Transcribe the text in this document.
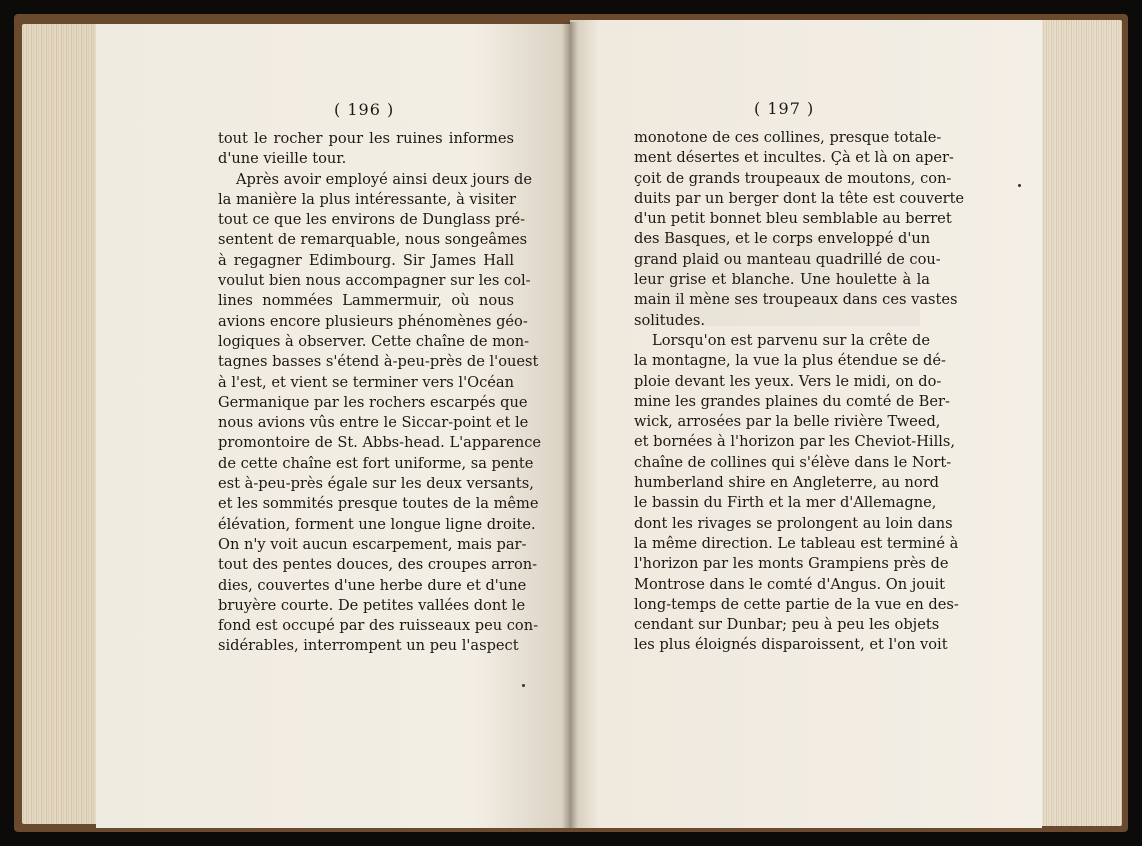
( 196 )	( 197 )
tout le rocher pour les ruines informes
d'une vieille tour.
Après avoir employé ainsi deux jours de
la manière la plus intéressante, à visiter
tout ce que les environs de Dunglass pré-
sentent de remarquable, nous songeâmes
à regagner Edimbourg. Sir James Hall
voulut bien nous accompagner sur les col-
lines nommées Lammermuir, où nous
avions encore plusieurs phénomènes géo-
logiques à observer. Cette chaîne de mon-
tagnes basses s'étend à-peu-près de l'ouest
à l'est, et vient se terminer vers l'Océan
Germanique par les rochers escarpés que
nous avions vûs entre le Siccar-point et le
promontoire de St. Abbs-head. L'apparence
de cette chaîne est fort uniforme, sa pente
est à-peu-près égale sur les deux versants,
et les sommités presque toutes de la même
élévation, forment une longue ligne droite.
On n'y voit aucun escarpement, mais par-
tout des pentes douces, des croupes arron-
dies, couvertes d'une herbe dure et d'une
bruyère courte. De petites vallées dont le
fond est occupé par des ruisseaux peu con-
sidérables, interrompent un peu l'aspect
monotone de ces collines, presque totale-
ment désertes et incultes. Çà et là on aper-
çoit de grands troupeaux de moutons, con-
duits par un berger dont la tête est couverte
d'un petit bonnet bleu semblable au berret
des Basques, et le corps enveloppé d'un
grand plaid ou manteau quadrillé de cou-
leur grise et blanche. Une houlette à la
main il mène ses troupeaux dans ces vastes
solitudes.
Lorsqu'on est parvenu sur la crête de
la montagne, la vue la plus étendue se dé-
ploie devant les yeux. Vers le midi, on do-
mine les grandes plaines du comté de Ber-
wick, arrosées par la belle rivière Tweed,
et bornées à l'horizon par les Cheviot-Hills,
chaîne de collines qui s'élève dans le Nort-
humberland shire en Angleterre, au nord
le bassin du Firth et la mer d'Allemagne,
dont les rivages se prolongent au loin dans
la même direction. Le tableau est terminé à
l'horizon par les monts Grampiens près de
Montrose dans le comté d'Angus. On jouit
long-temps de cette partie de la vue en des-
cendant sur Dunbar; peu à peu les objets
les plus éloignés disparoissent, et l'on voit
